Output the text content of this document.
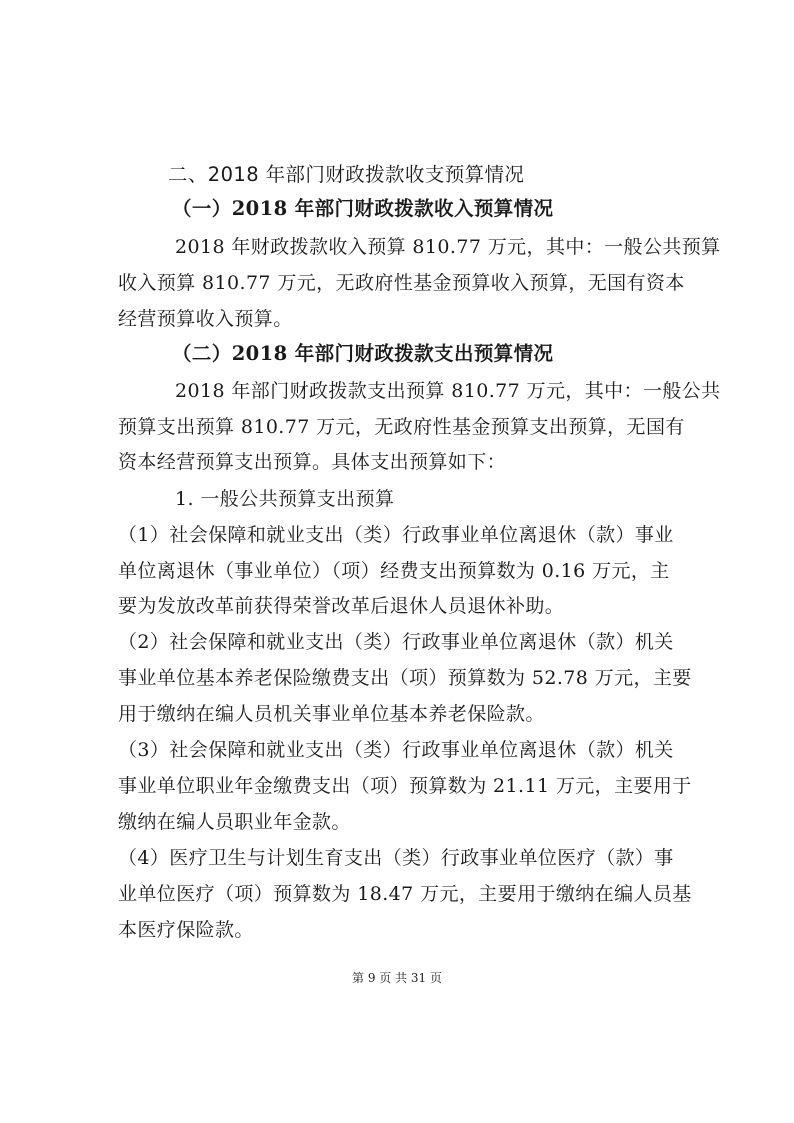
二、2018 年部门财政拨款收支预算情况
（一）2018 年部门财政拨款收入预算情况
2018 年财政拨款收入预算 810.77 万元，其中：一般公共预算
收入预算 810.77 万元，无政府性基金预算收入预算，无国有资本
经营预算收入预算。
（二）2018 年部门财政拨款支出预算情况
2018 年部门财政拨款支出预算 810.77 万元，其中：一般公共
预算支出预算 810.77 万元，无政府性基金预算支出预算，无国有
资本经营预算支出预算。具体支出预算如下：
1. 一般公共预算支出预算
（1）社会保障和就业支出（类）行政事业单位离退休（款）事业
单位离退休（事业单位）（项）经费支出预算数为 0.16 万元，主
要为发放改革前获得荣誉改革后退休人员退休补助。
（2）社会保障和就业支出（类）行政事业单位离退休（款）机关
事业单位基本养老保险缴费支出（项）预算数为 52.78 万元，主要
用于缴纳在编人员机关事业单位基本养老保险款。
（3）社会保障和就业支出（类）行政事业单位离退休（款）机关
事业单位职业年金缴费支出（项）预算数为 21.11 万元，主要用于
缴纳在编人员职业年金款。
（4）医疗卫生与计划生育支出（类）行政事业单位医疗（款）事
业单位医疗（项）预算数为 18.47 万元，主要用于缴纳在编人员基
本医疗保险款。
第 9 页 共 31 页
